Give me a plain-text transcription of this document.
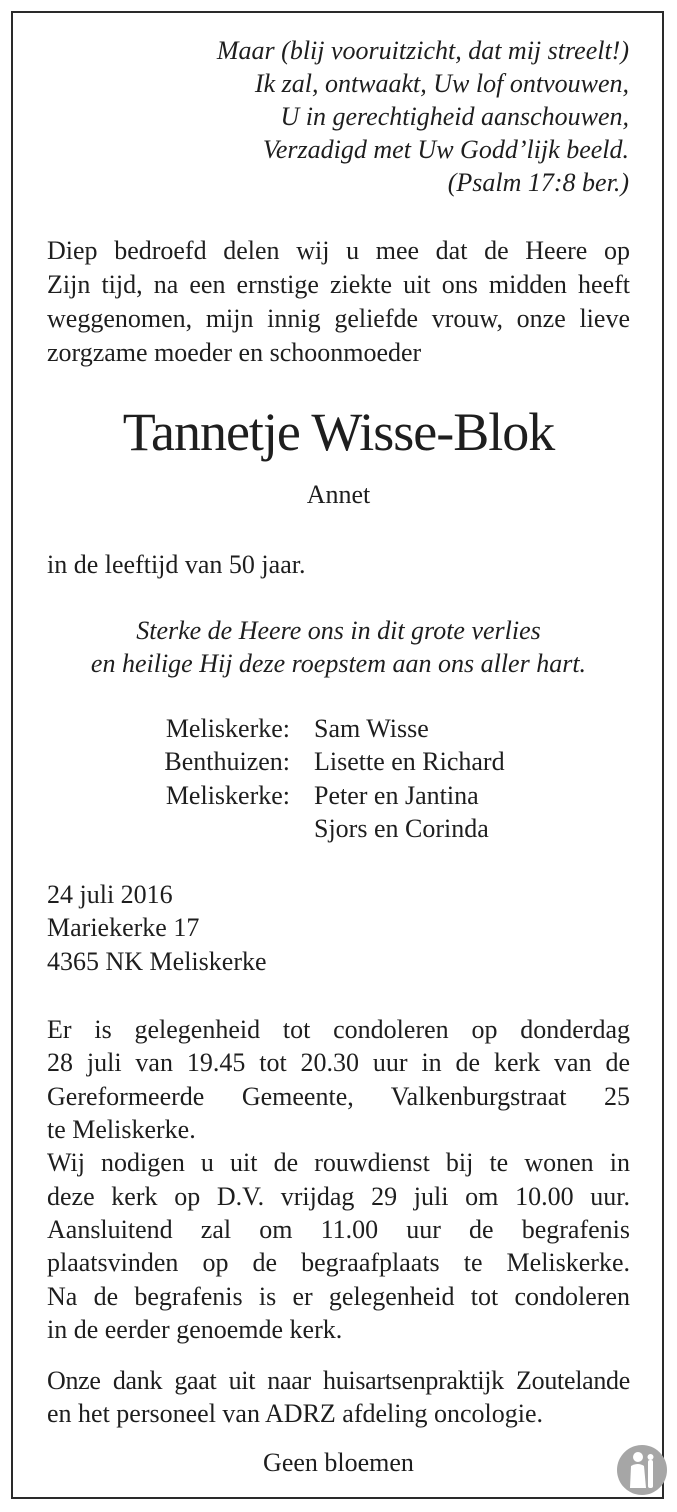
Maar (blij vooruitzicht, dat mij streelt!)
Ik zal, ontwaakt, Uw lof ontvouwen,
U in gerechtigheid aanschouwen,
Verzadigd met Uw Godd’lijk beeld.
(Psalm 17:8 ber.)
Diep bedroefd delen wij u mee dat de Heere op
Zijn tijd, na een ernstige ziekte uit ons midden heeft
weggenomen, mijn innig geliefde vrouw, onze lieve
zorgzame moeder en schoonmoeder
Tannetje Wisse-Blok
Annet
in de leeftijd van 50 jaar.
Sterke de Heere ons in dit grote verlies
en heilige Hij deze roepstem aan ons aller hart.
Meliskerke: Sam Wisse
Benthuizen: Lisette en Richard
Meliskerke: Peter en Jantina
Sjors en Corinda
24 juli 2016
Mariekerke 17
4365 NK Meliskerke
Er is gelegenheid tot condoleren op donderdag
28 juli van 19.45 tot 20.30 uur in de kerk van de
Gereformeerde Gemeente, Valkenburgstraat 25
te Meliskerke.
Wij nodigen u uit de rouwdienst bij te wonen in
deze kerk op D.V. vrijdag 29 juli om 10.00 uur.
Aansluitend zal om 11.00 uur de begrafenis
plaatsvinden op de begraafplaats te Meliskerke.
Na de begrafenis is er gelegenheid tot condoleren
in de eerder genoemde kerk.
Onze dank gaat uit naar huisartsenpraktijk Zoutelande
en het personeel van ADRZ afdeling oncologie.
Geen bloemen
